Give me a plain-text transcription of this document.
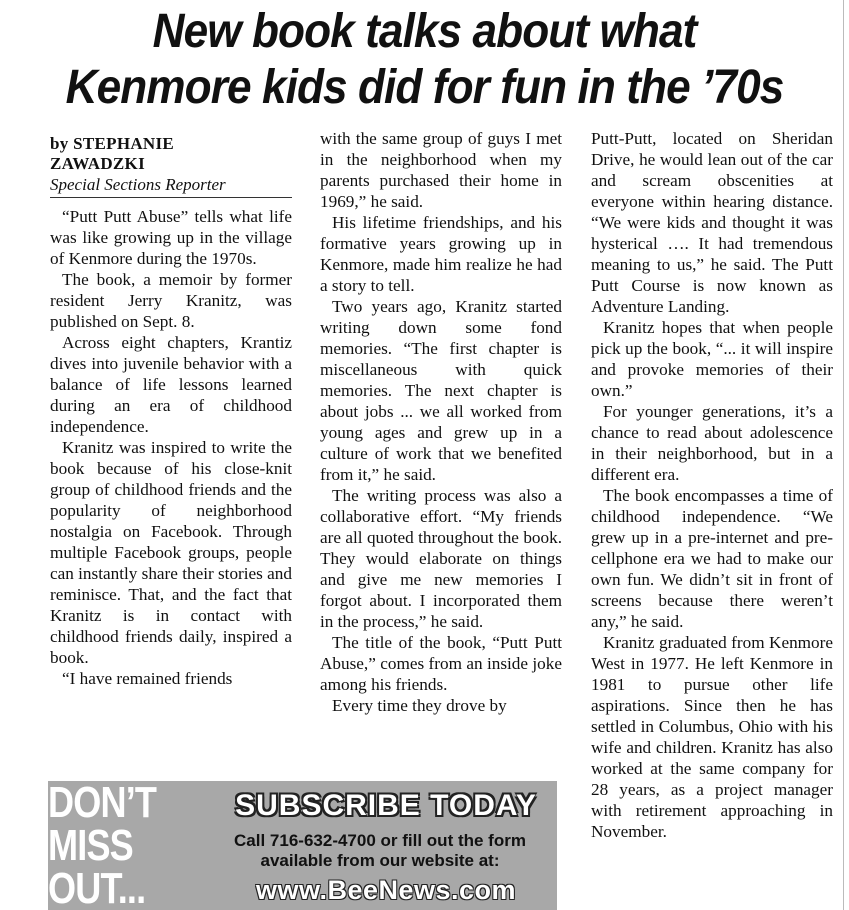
New book talks about what
Kenmore kids did for fun in the ’70s
by STEPHANIE
ZAWADZKI
Special Sections Reporter

“Putt Putt Abuse” tells what life was like growing up in the village of Kenmore during the 1970s.

The book, a memoir by former resident Jerry Kranitz, was published on Sept. 8.

Across eight chapters, Krantiz dives into juvenile behavior with a balance of life lessons learned during an era of childhood independence.

Kranitz was inspired to write the book because of his close-knit group of childhood friends and the popularity of neighborhood nostalgia on Facebook. Through multiple Facebook groups, people can instantly share their stories and reminisce. That, and the fact that Kranitz is in contact with childhood friends daily, inspired a book.

“I have remained friends

with the same group of guys I met in the neighborhood when my parents purchased their home in 1969,” he said.

His lifetime friendships, and his formative years growing up in Kenmore, made him realize he had a story to tell.

Two years ago, Kranitz started writing down some fond memories. “The first chapter is miscellaneous with quick memories. The next chapter is about jobs ... we all worked from young ages and grew up in a culture of work that we benefited from it,” he said.

The writing process was also a collaborative effort. “My friends are all quoted throughout the book. They would elaborate on things and give me new memories I forgot about. I incorporated them in the process,” he said.

The title of the book, “Putt Putt Abuse,” comes from an inside joke among his friends.

Every time they drove by

Putt-Putt, located on Sheridan Drive, he would lean out of the car and scream obscenities at everyone within hearing distance. “We were kids and thought it was hysterical …. It had tremendous meaning to us,” he said. The Putt Putt Course is now known as Adventure Landing.

Kranitz hopes that when people pick up the book, “... it will inspire and provoke memories of their own.”

For younger generations, it’s a chance to read about adolescence in their neighborhood, but in a different era.

The book encompasses a time of childhood independence. “We grew up in a pre-internet and pre-cellphone era we had to make our own fun. We didn’t sit in front of screens because there weren’t any,” he said.

Kranitz graduated from Kenmore West in 1977. He left Kenmore in 1981 to pursue other life aspirations. Since then he has settled in Columbus, Ohio with his wife and children. Kranitz has also worked at the same company for 28 years, as a project manager with retirement approaching in November.

DON’T
MISS
OUT...
SUBSCRIBE TODAY
Call 716-632-4700 or fill out the form
available from our website at:
www.BeeNews.com
